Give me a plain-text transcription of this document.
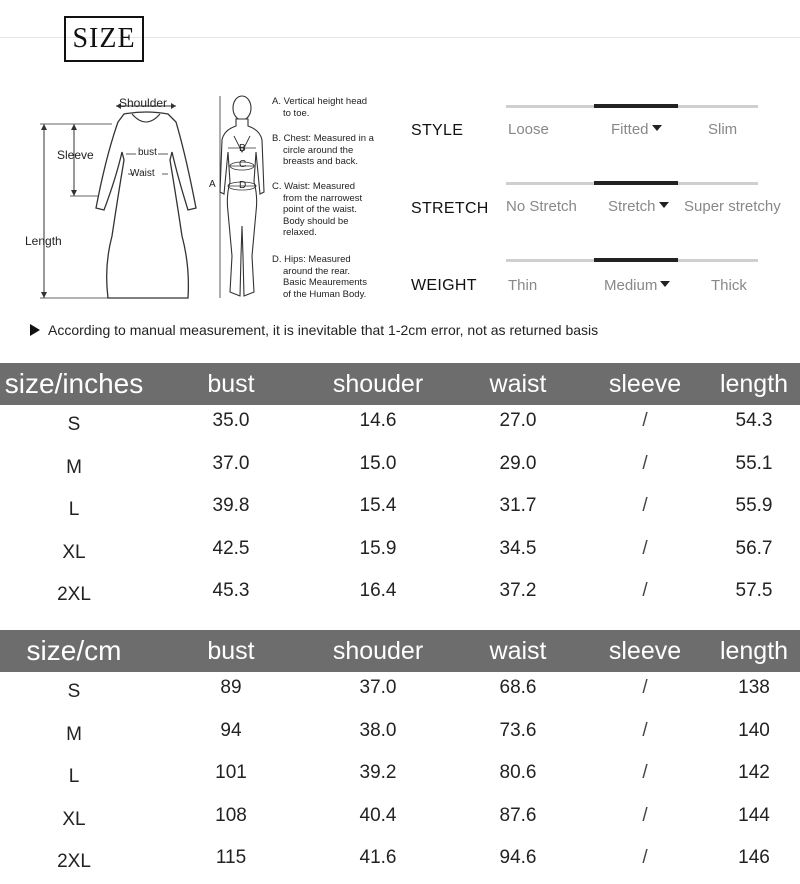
SIZE
Shoulder
Sleeve
Length
bust
Waist
A
B
C
D
A. Vertical height head
to toe.
B. Chest: Measured in a
circle around the
breasts and back.
C. Waist: Measured
from the narrowest
point of the waist.
Body should be
relaxed.
D. Hips: Measured
around the rear.
Basic Meaurements
of the Human Body.
STYLE	Loose	Fitted	Slim
STRETCH No Stretch Stretch	Super stretchy
WEIGHT Thin	Medium	Thick
According to manual measurement, it is inevitable that 1-2cm error, not as returned basis
size/inches	bust	shouder	waist sleeve length
S	35.0	14.6	27.0	/	54.3
M	37.0	15.0	29.0	/	55.1
L	39.8	15.4	31.7	/	55.9
XL	42.5	15.9	34.5	/	56.7
2XL	45.3	16.4	37.2	/	57.5
size/cm	bust	shouder	waist sleeve length
S	89	37.0	68.6	/	138
M	94	38.0	73.6	/	140
L	101	39.2	80.6	/	142
XL	108	40.4	87.6	/	144
2XL	115	41.6	94.6	/	146
